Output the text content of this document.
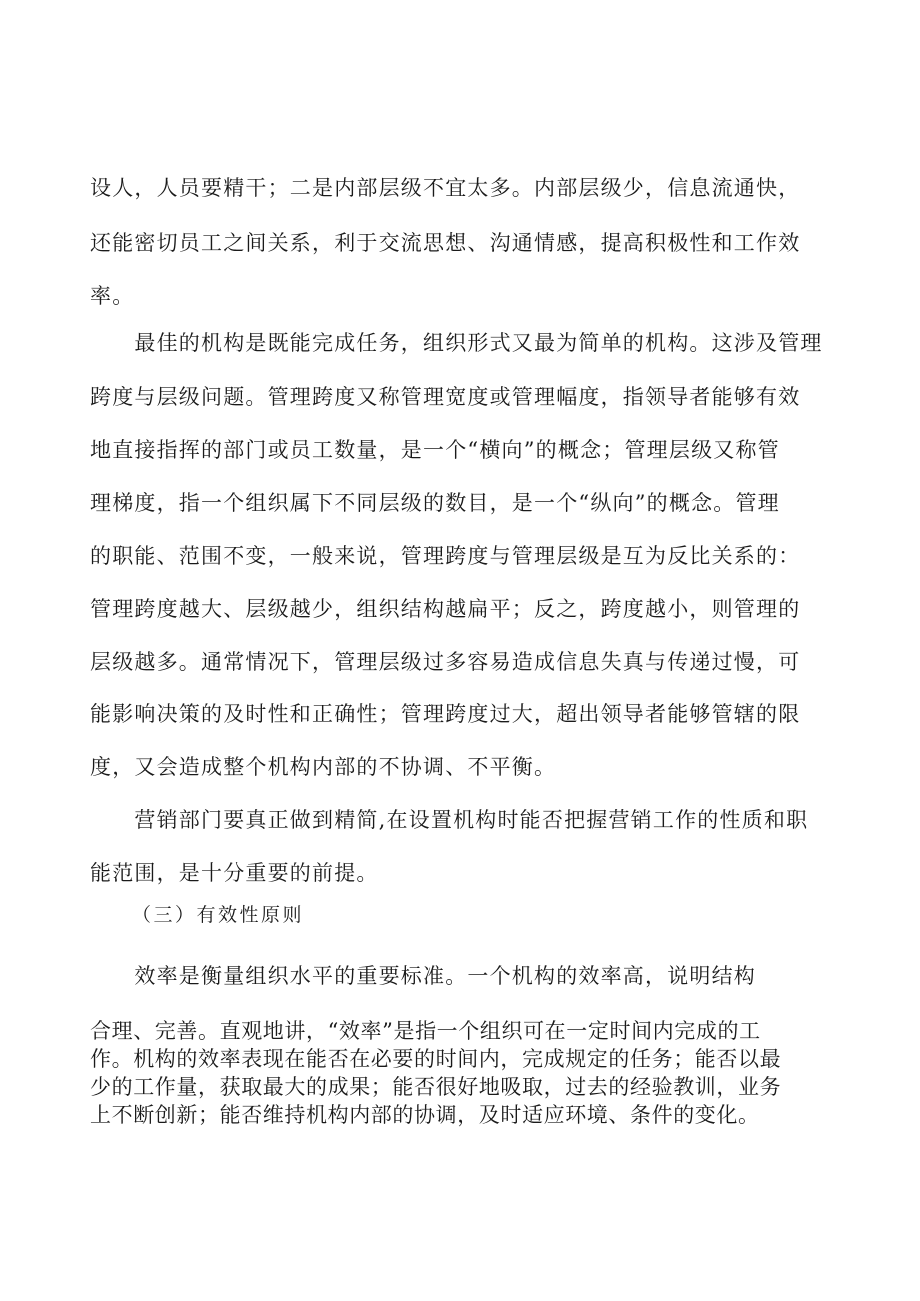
设人，人员要精干；二是内部层级不宜太多。内部层级少，信息流通快，
还能密切员工之间关系，利于交流思想、沟通情感，提高积极性和工作效
率。
　　最佳的机构是既能完成任务，组织形式又最为简单的机构。这涉及管理
跨度与层级问题。管理跨度又称管理宽度或管理幅度，指领导者能够有效
地直接指挥的部门或员工数量，是一个“横向”的概念；管理层级又称管
理梯度，指一个组织属下不同层级的数目，是一个“纵向”的概念。管理
的职能、范围不变，一般来说，管理跨度与管理层级是互为反比关系的：
管理跨度越大、层级越少，组织结构越扁平；反之，跨度越小，则管理的
层级越多。通常情况下，管理层级过多容易造成信息失真与传递过慢，可
能影响决策的及时性和正确性；管理跨度过大，超出领导者能够管辖的限
度，又会造成整个机构内部的不协调、不平衡。
　　营销部门要真正做到精简,在设置机构时能否把握营销工作的性质和职
能范围，是十分重要的前提。
（三）有效性原则
　　效率是衡量组织水平的重要标准。一个机构的效率高，说明结构
合理、完善。直观地讲，“效率”是指一个组织可在一定时间内完成的工
作。机构的效率表现在能否在必要的时间内，完成规定的任务；能否以最
少的工作量，获取最大的成果；能否很好地吸取，过去的经验教训，业务
上不断创新；能否维持机构内部的协调，及时适应环境、条件的变化。
